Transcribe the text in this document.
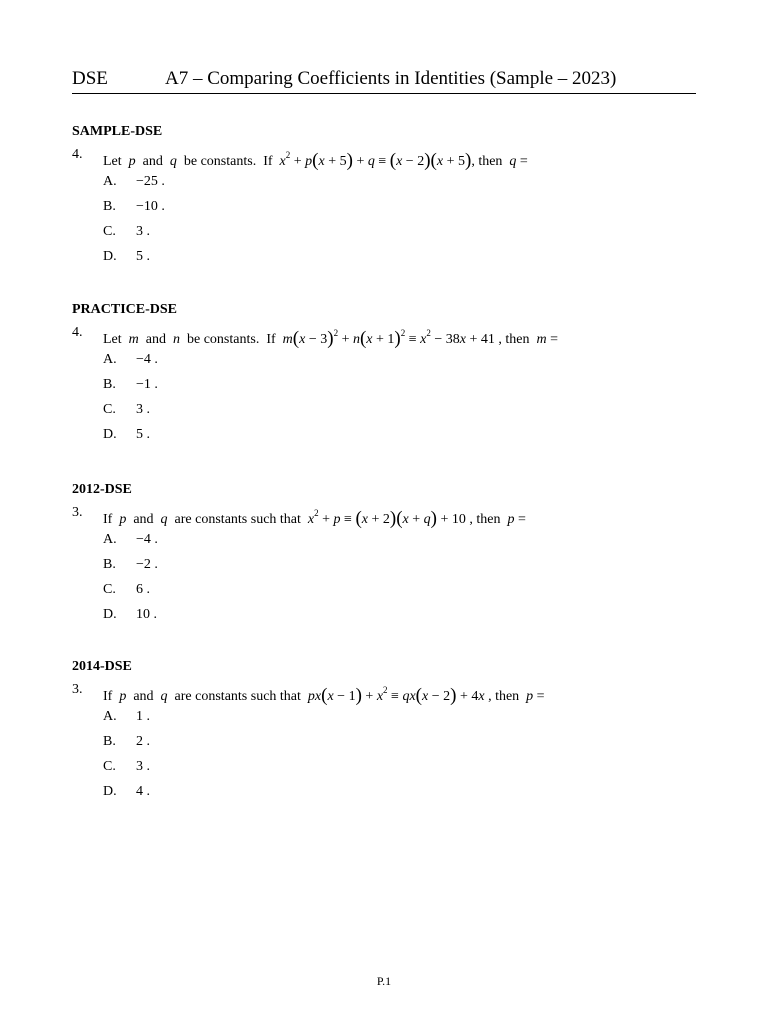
DSE	A7 – Comparing Coefficients in Identities (Sample – 2023)
SAMPLE-DSE
4. Let p  and  q  be constants.  If  $x^2 + p(x + 5) + q \equiv (x - 2)(x + 5)$, then  q =
A. −25 .
B. −10 .
C. 3 .
D. 5 .
PRACTICE-DSE
4. Let m  and  n  be constants.  If  $m(x - 3)^2 + n(x + 1)^2 \equiv x^2 - 38x + 41$ , then  m =
A. −4 .
B. −1 .
C. 3 .
D. 5 .
2012-DSE
3. If p  and  q  are constants such that  $x^2 + p \equiv (x + 2)(x + q) + 10$ , then  p =
A. −4 .
B. −2 .
C. 6 .
D. 10 .
2014-DSE
3. If p  and  q  are constants such that  $px(x - 1) + x^2 \equiv qx(x - 2) + 4x$ , then  p =
A. 1 .
B. 2 .
C. 3 .
D. 4 .
P.1
